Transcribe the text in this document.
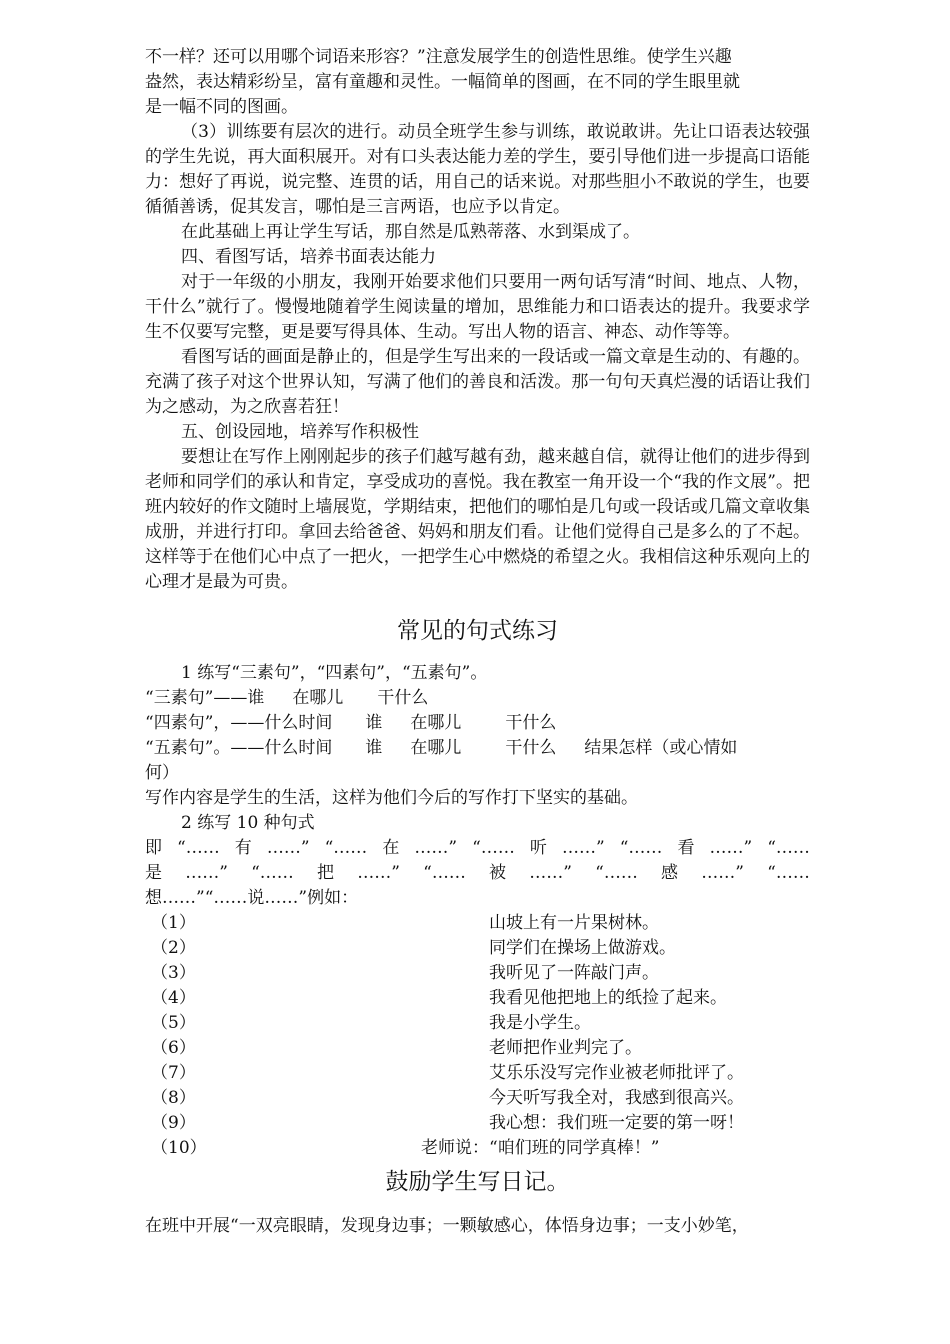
不一样？还可以用哪个词语来形容？”注意发展学生的创造性思维。使学生兴趣
盎然，表达精彩纷呈，富有童趣和灵性。一幅简单的图画，在不同的学生眼里就
是一幅不同的图画。
（3）训练要有层次的进行。动员全班学生参与训练，敢说敢讲。先让口语表达较强的学生先说，再大面积展开。对有口头表达能力差的学生，要引导他们进一步提高口语能力：想好了再说，说完整、连贯的话，用自己的话来说。对那些胆小不敢说的学生，也要循循善诱，促其发言，哪怕是三言两语，也应予以肯定。
在此基础上再让学生写话，那自然是瓜熟蒂落、水到渠成了。
四、看图写话，培养书面表达能力
对于一年级的小朋友，我刚开始要求他们只要用一两句话写清“时间、地点、人物，干什么”就行了。慢慢地随着学生阅读量的增加，思维能力和口语表达的提升。我要求学生不仅要写完整，更是要写得具体、生动。写出人物的语言、神态、动作等等。
看图写话的画面是静止的，但是学生写出来的一段话或一篇文章是生动的、有趣的。充满了孩子对这个世界认知，写满了他们的善良和活泼。那一句句天真烂漫的话语让我们为之感动，为之欣喜若狂！
五、创设园地，培养写作积极性
要想让在写作上刚刚起步的孩子们越写越有劲，越来越自信，就得让他们的进步得到老师和同学们的承认和肯定，享受成功的喜悦。我在教室一角开设一个“我的作文展”。把班内较好的作文随时上墙展览，学期结束，把他们的哪怕是几句或一段话或几篇文章收集成册，并进行打印。拿回去给爸爸、妈妈和朋友们看。让他们觉得自己是多么的了不起。这样等于在他们心中点了一把火，一把学生心中燃烧的希望之火。我相信这种乐观向上的心理才是最为可贵。
常见的句式练习
1 练写“三素句”，“四素句”，“五素句”。
“三素句”——谁 在哪儿 干什么
“四素句”，——什么时间 谁 在哪儿	干什么
“五素句”。——什么时间 谁 在哪儿	干什么 结果怎样（或心情如
何）
写作内容是学生的生活，这样为他们今后的写作打下坚实的基础。
2 练写 10 种句式
即 “…… 有 ……” “…… 在 ……” “…… 听 ……” “…… 看 ……” “……
是 ……” “…… 把 ……” “…… 被 ……” “…… 感 ……” “……
想……”“……说……”例如：
（1）	山坡上有一片果树林。
（2）	同学们在操场上做游戏。
（3）	我听见了一阵敲门声。
（4）	我看见他把地上的纸捡了起来。
（5）	我是小学生。
（6）	老师把作业判完了。
（7）	艾乐乐没写完作业被老师批评了。
（8）	今天听写我全对，我感到很高兴。
（9）	我心想：我们班一定要的第一呀！
（10）	老师说：“咱们班的同学真棒！”
鼓励学生写日记。
在班中开展“一双亮眼睛，发现身边事；一颗敏感心，体悟身边事；一支小妙笔，
